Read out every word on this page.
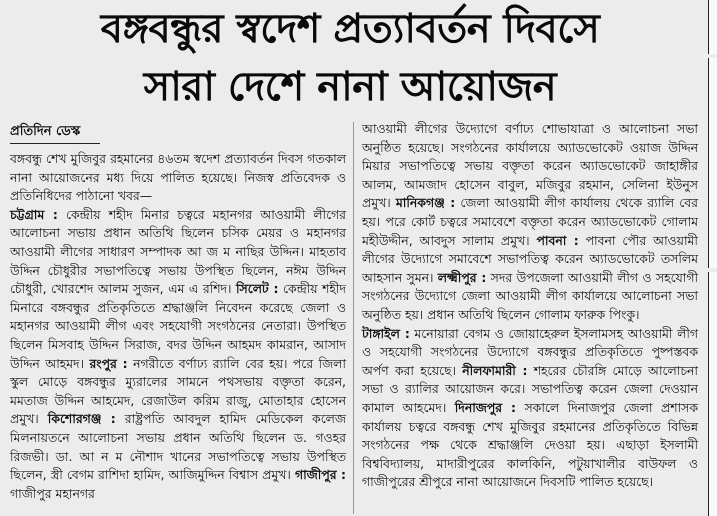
বঙ্গবন্ধুর স্বদেশ প্রত্যাবর্তন দিবসে
সারা দেশে নানা আয়োজন
প্রতিদিন ডেস্ক

বঙ্গবন্ধু শেখ মুজিবুর রহমানের ৪৬তম স্বদেশ প্রত্যাবর্তন দিবস গতকাল নানা আয়োজনের মধ্য দিয়ে পালিত হয়েছে। নিজস্ব প্রতিবেদক ও প্রতিনিধিদের পাঠানো খবর—

চট্টগ্রাম : কেন্দ্রীয় শহীদ মিনার চত্বরে মহানগর আওয়ামী লীগের আলোচনা সভায় প্রধান অতিথি ছিলেন চসিক মেয়র ও মহানগর আওয়ামী লীগের সাধারণ সম্পাদক আ জ ম নাছির উদ্দিন। মাহতাব উদ্দিন চৌধুরীর সভাপতিত্বে সভায় উপস্থিত ছিলেন, নঈম উদ্দিন চৌধুরী, খোরশেদ আলম সুজন, এম এ রশিদ। সিলেট : কেন্দ্রীয় শহীদ মিনারে বঙ্গবন্ধুর প্রতিকৃতিতে শ্রদ্ধাঞ্জলি নিবেদন করেছে জেলা ও মহানগর আওয়ামী লীগ এবং সহযোগী সংগঠনের নেতারা। উপস্থিত ছিলেন মিসবাহ উদ্দিন সিরাজ, বদর উদ্দিন আহমদ কামরান, আসাদ উদ্দিন আহমদ। রংপুর : নগরীতে বর্ণাঢ্য র‌্যালি বের হয়। পরে জিলা স্কুল মোড়ে বঙ্গবন্ধুর ম্যুরালের সামনে পথসভায় বক্তৃতা করেন, মমতাজ উদ্দিন আহমেদ, রেজাউল করিম রাজু, মোতাহার হোসেন প্রমুখ। কিশোরগঞ্জ : রাষ্ট্রপতি আবদুল হামিদ মেডিকেল কলেজ মিলনায়তনে আলোচনা সভায় প্রধান অতিথি ছিলেন ড. গওহর রিজভী। ডা. আ ন ম নৌশাদ খানের সভাপতিত্বে সভায় উপস্থিত ছিলেন, স্ত্রী বেগম রাশিদা হামিদ, আজিমুদ্দিন বিশ্বাস প্রমুখ। গাজীপুর : গাজীপুর মহানগর

আওয়ামী লীগের উদ্যোগে বর্ণাঢ্য শোভাযাত্রা ও আলোচনা সভা অনুষ্ঠিত হয়েছে। সংগঠনের কার্যালয়ে অ্যাডভোকেট ওয়াজ উদ্দিন মিয়ার সভাপতিত্বে সভায় বক্তৃতা করেন অ্যাডভোকেট জাহাঙ্গীর আলম, আমজাদ হোসেন বাবুল, মজিবুর রহমান, সেলিনা ইউনুস প্রমুখ। মানিকগঞ্জ : জেলা আওয়ামী লীগ কার্যালয় থেকে র‌্যালি বের হয়। পরে কোর্ট চত্বরে সমাবেশে বক্তৃতা করেন অ্যাডভোকেট গোলাম মহীউদ্দীন, আবদুস সালাম প্রমুখ। পাবনা : পাবনা পৌর আওয়ামী লীগের উদ্যোগে সমাবেশে সভাপতিত্ব করেন অ্যাডভোকেট তসলিম আহসান সুমন। লক্ষ্মীপুর : সদর উপজেলা আওয়ামী লীগ ও সহযোগী সংগঠনের উদ্যোগে জেলা আওয়ামী লীগ কার্যালয়ে আলোচনা সভা অনুষ্ঠিত হয়। প্রধান অতিথি ছিলেন গোলাম ফারুক পিংকু।

টাঙ্গাইল : মনোয়ারা বেগম ও জোয়াহেরুল ইসলামসহ আওয়ামী লীগ ও সহযোগী সংগঠনের উদ্যোগে বঙ্গবন্ধুর প্রতিকৃতিতে পুষ্পস্তবক অর্পণ করা হয়েছে। নীলফামারী : শহরের চৌরঙ্গি মোড়ে আলোচনা সভা ও র‌্যালির আয়োজন করে। সভাপতিত্ব করেন জেলা দেওয়ান কামাল আহমেদ। দিনাজপুর : সকালে দিনাজপুর জেলা প্রশাসক কার্যালয় চত্বরে বঙ্গবন্ধু শেখ মুজিবুর রহমানের প্রতিকৃতিতে বিভিন্ন সংগঠনের পক্ষ থেকে শ্রদ্ধাঞ্জলি দেওয়া হয়। এছাড়া ইসলামী বিশ্ববিদ্যালয়, মাদারীপুরের কালকিনি, পটুয়াখালীর বাউফল ও গাজীপুরের শ্রীপুরে নানা আয়োজনে দিবসটি পালিত হয়েছে।
